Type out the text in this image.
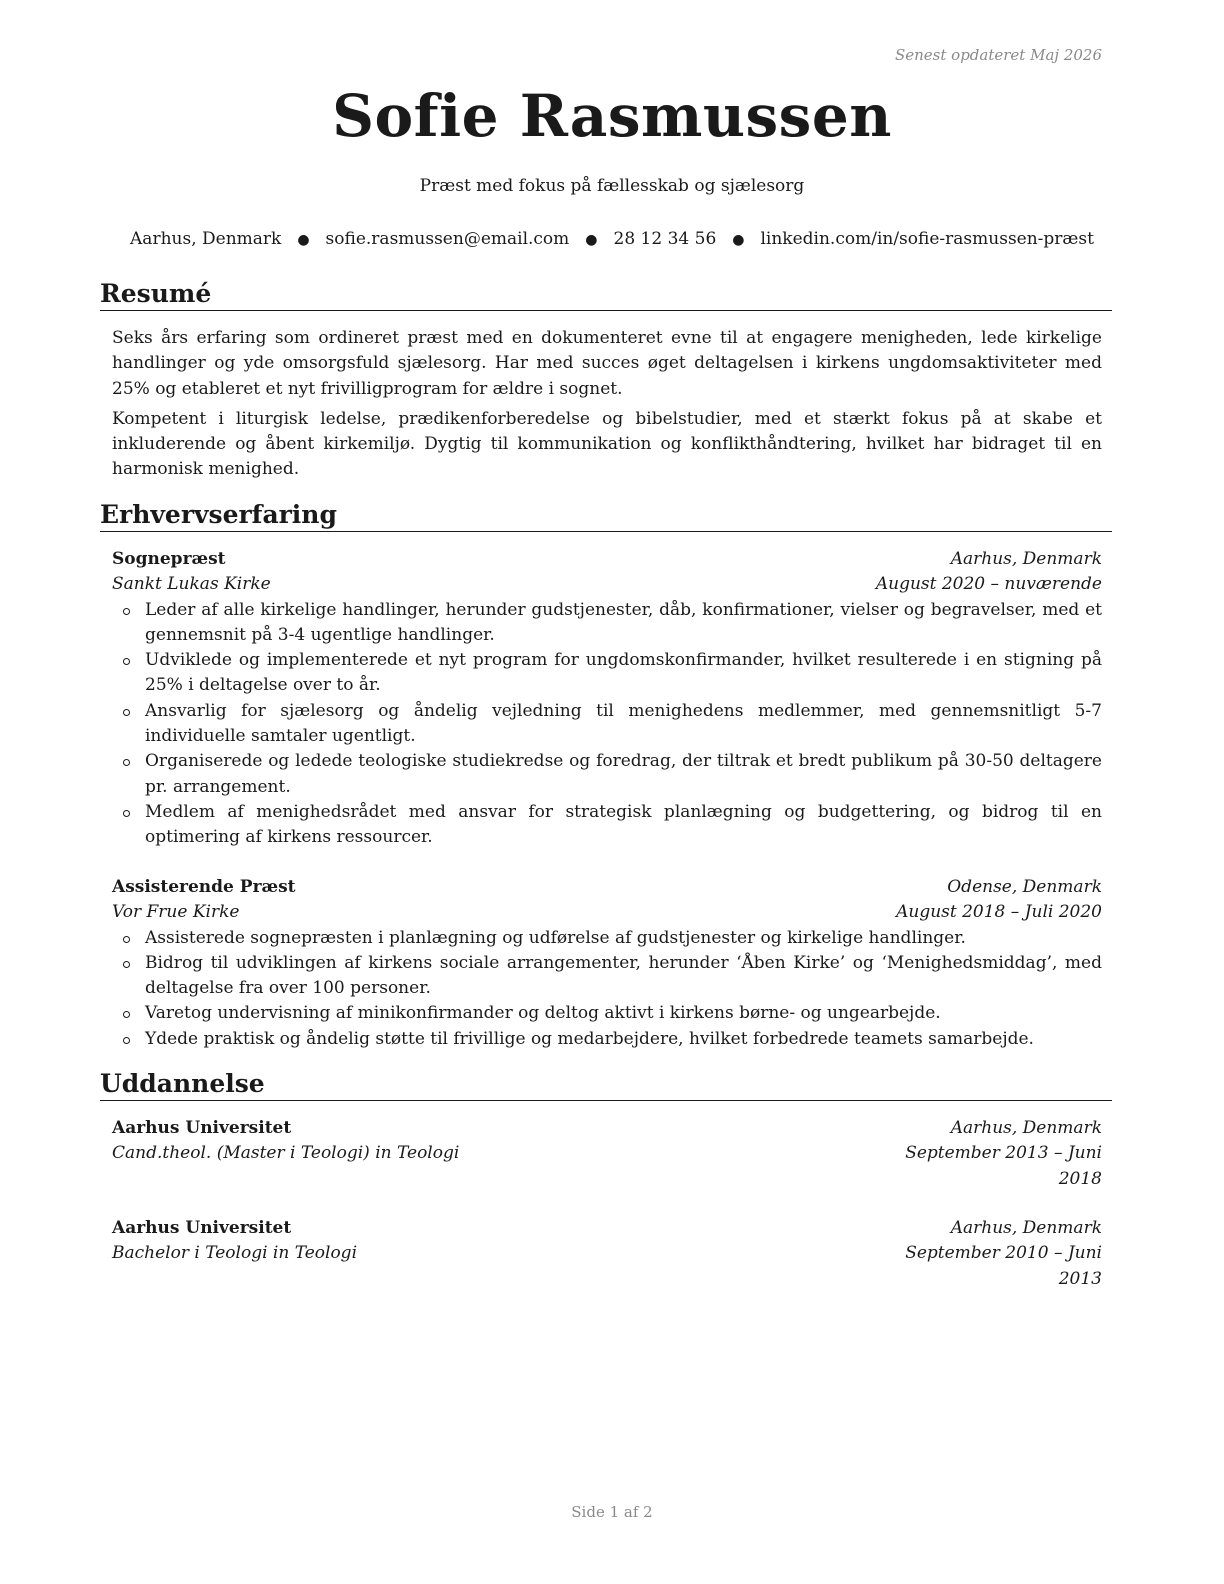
Senest opdateret Maj 2026
Sofie Rasmussen
Præst med fokus på fællesskab og sjælesorg
Aarhus, Denmark ● sofie.rasmussen@email.com ● 28 12 34 56 ● linkedin.com/in/sofie-rasmussen-præst
Resumé

Seks års erfaring som ordineret præst med en dokumenteret evne til at engagere menigheden, lede kirkelige handlinger og yde omsorgsfuld sjælesorg. Har med succes øget deltagelsen i kirkens ungdomsaktiviteter med 25% og etableret et nyt frivilligprogram for ældre i sognet.

Kompetent i liturgisk ledelse, prædikenforberedelse og bibelstudier, med et stærkt fokus på at skabe et inkluderende og åbent kirkemiljø. Dygtig til kommunikation og konflikthåndtering, hvilket har bidraget til en harmonisk menighed.

Erhvervserfaring
Sognepræst	Aarhus, Denmark
Sankt Lukas Kirke	August 2020 – nuværende
Leder af alle kirkelige handlinger, herunder gudstjenester, dåb, konfirmationer, vielser og begravelser, med et gennemsnit på 3-4 ugentlige handlinger.
Udviklede og implementerede et nyt program for ungdomskonfirmander, hvilket resulterede i en stigning på 25% i deltagelse over to år.
Ansvarlig for sjælesorg og åndelig vejledning til menighedens medlemmer, med gennemsnitligt 5-7 individuelle samtaler ugentligt.
Organiserede og ledede teologiske studiekredse og foredrag, der tiltrak et bredt publikum på 30-50 deltagere pr. arrangement.
Medlem af menighedsrådet med ansvar for strategisk planlægning og budgettering, og bidrog til en optimering af kirkens ressourcer.
Assisterende Præst	Odense, Denmark
Vor Frue Kirke	August 2018 – Juli 2020
Assisterede sognepræsten i planlægning og udførelse af gudstjenester og kirkelige handlinger.
Bidrog til udviklingen af kirkens sociale arrangementer, herunder ‘Åben Kirke’ og ‘Menighedsmiddag’, med deltagelse fra over 100 personer.
Varetog undervisning af minikonfirmander og deltog aktivt i kirkens børne- og ungearbejde.
Ydede praktisk og åndelig støtte til frivillige og medarbejdere, hvilket forbedrede teamets samarbejde.
Uddannelse
Aarhus Universitet	Aarhus, Denmark
Cand.theol. (Master i Teologi) in Teologi	September 2013 – Juni
2018
Aarhus Universitet	Aarhus, Denmark
Bachelor i Teologi in Teologi	September 2010 – Juni
2013
Side 1 af 2
